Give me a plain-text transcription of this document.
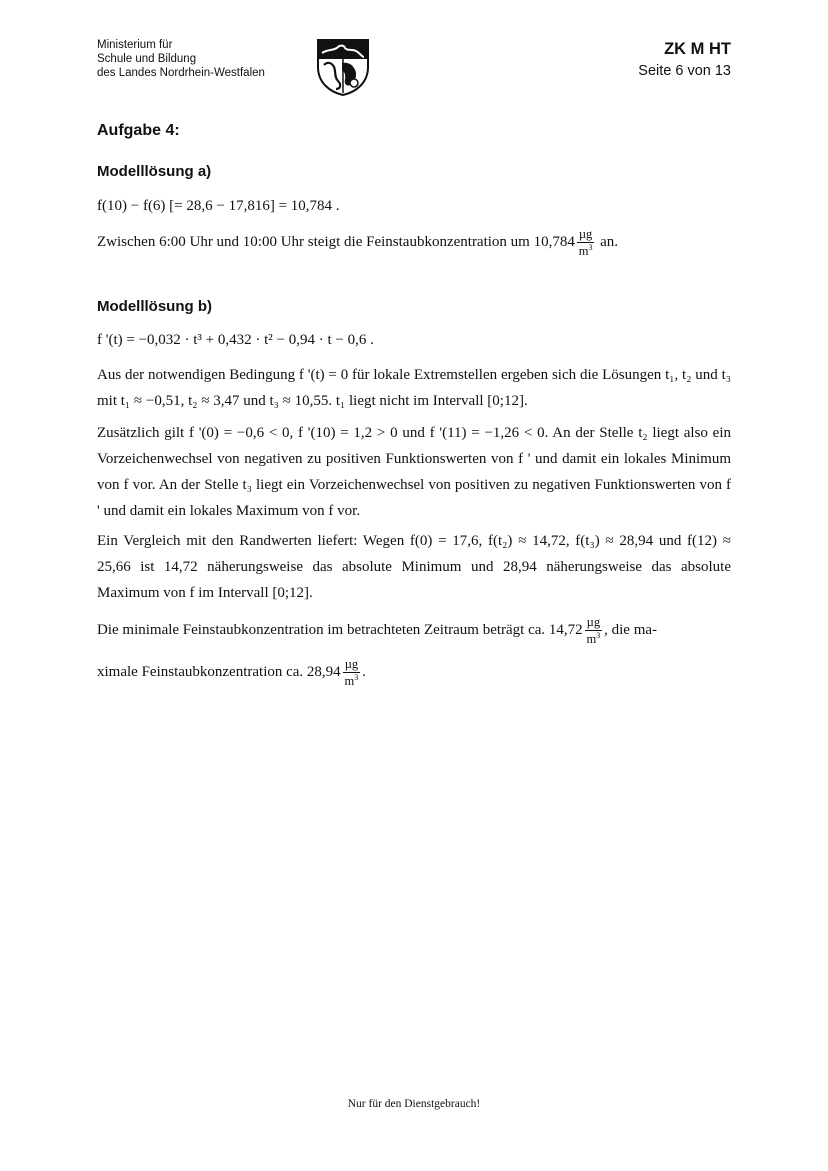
Ministerium für
Schule und Bildung
des Landes Nordrhein-Westfalen
ZK M HT
Seite 6 von 13
Aufgabe 4:
Modelllösung a)
f(10) − f(6) [= 28,6 − 17,816] = 10,784 .
Zwischen 6:00 Uhr und 10:00 Uhr steigt die Feinstaubkonzentration um $10,784 \frac{\text{µg}}{m^3}$ an.
Modelllösung b)
f '(t) = −0,032 · t³ + 0,432 · t² − 0,94 · t − 0,6 .
Aus der notwendigen Bedingung f '(t) = 0 für lokale Extremstellen ergeben sich die Lösungen t₁, t₂ und t₃ mit t₁ ≈ −0,51, t₂ ≈ 3,47 und t₃ ≈ 10,55. t₁ liegt nicht im Intervall [0;12].
Zusätzlich gilt f '(0) = −0,6 < 0, f '(10) = 1,2 > 0 und f '(11) = −1,26 < 0. An der Stelle t₂ liegt also ein Vorzeichenwechsel von negativen zu positiven Funktionswerten von f ' und damit ein lokales Minimum von f vor. An der Stelle t₃ liegt ein Vorzeichenwechsel von positiven zu negativen Funktionswerten von f ' und damit ein lokales Maximum von f vor.
Ein Vergleich mit den Randwerten liefert: Wegen f(0) = 17,6, f(t₂) ≈ 14,72, f(t₃) ≈ 28,94 und f(12) ≈ 25,66 ist 14,72 näherungsweise das absolute Minimum und 28,94 näherungsweise das absolute Maximum von f im Intervall [0;12].
Die minimale Feinstaubkonzentration im betrachteten Zeitraum beträgt ca. $14,72 \frac{\text{µg}}{m^3}$ , die ma-
ximale Feinstaubkonzentration ca. $28,94 \frac{\text{µg}}{m^3}$ .
Nur für den Dienstgebrauch!
